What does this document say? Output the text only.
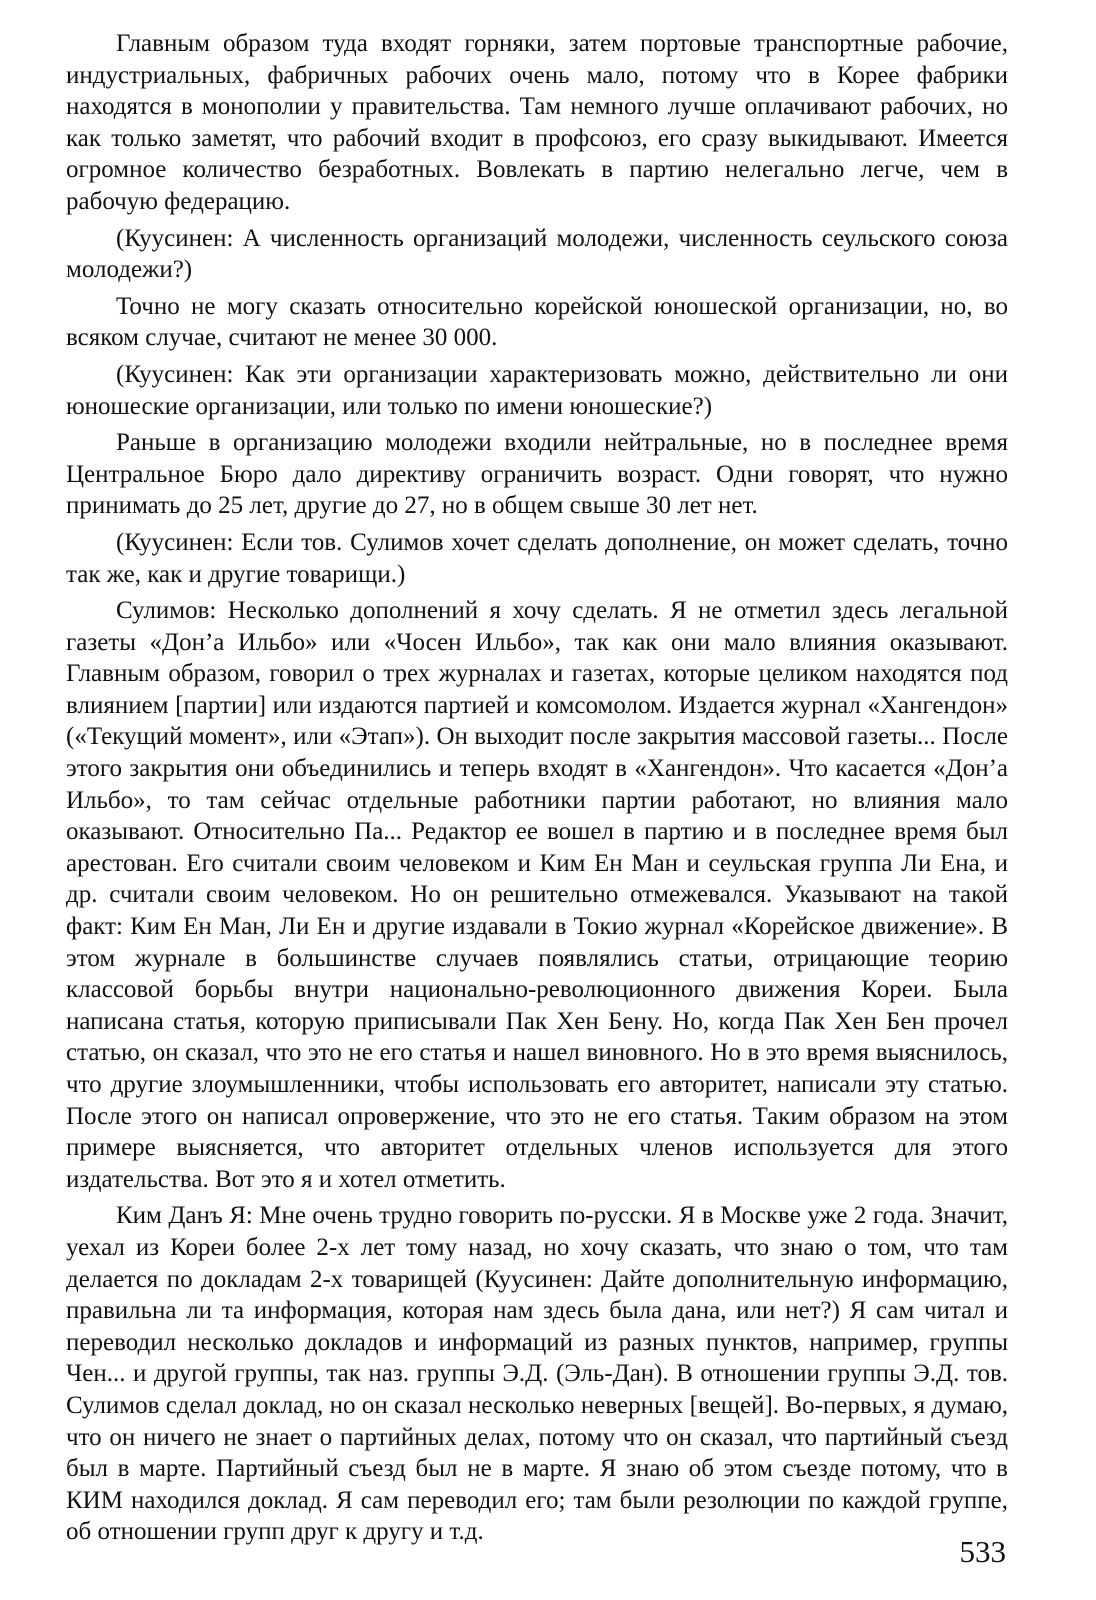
Главным образом туда входят горняки, затем портовые транспортные рабочие, индустриальных, фабричных рабочих очень мало, потому что в Корее фабрики находятся в монополии у правительства. Там немного лучше оплачивают рабочих, но как только заметят, что рабочий входит в профсоюз, его сразу выкидывают. Имеется огромное количество безработных. Вовлекать в партию нелегально легче, чем в рабочую федерацию.

(Куусинен: А численность организаций молодежи, численность сеульского союза молодежи?)

Точно не могу сказать относительно корейской юношеской организации, но, во всяком случае, считают не менее 30 000.

(Куусинен: Как эти организации характеризовать можно, действительно ли они юношеские организации, или только по имени юношеские?)

Раньше в организацию молодежи входили нейтральные, но в последнее время Центральное Бюро дало директиву ограничить возраст. Одни говорят, что нужно принимать до 25 лет, другие до 27, но в общем свыше 30 лет нет.

(Куусинен: Если тов. Сулимов хочет сделать дополнение, он может сделать, точно так же, как и другие товарищи.)

Сулимов: Несколько дополнений я хочу сделать. Я не отметил здесь легальной газеты «Дон’а Ильбо» или «Чосен Ильбо», так как они мало влияния оказывают. Главным образом, говорил о трех журналах и газетах, которые целиком находятся под влиянием [партии] или издаются партией и комсомолом. Издается журнал «Хангендон» («Текущий момент», или «Этап»). Он выходит после закрытия массовой газеты... После этого закрытия они объединились и теперь входят в «Хангендон». Что касается «Дон’а Ильбо», то там сейчас отдельные работники партии работают, но влияния мало оказывают. Относительно Па... Редактор ее вошел в партию и в последнее время был арестован. Его считали своим человеком и Ким Ен Ман и сеульская группа Ли Ена, и др. считали своим человеком. Но он решительно отмежевался. Указывают на такой факт: Ким Ен Ман, Ли Ен и другие издавали в Токио журнал «Корейское движение». В этом журнале в большинстве случаев появлялись статьи, отрицающие теорию классовой борьбы внутри национально-революционного движения Кореи. Была написана статья, которую приписывали Пак Хен Бену. Но, когда Пак Хен Бен прочел статью, он сказал, что это не его статья и нашел виновного. Но в это время выяснилось, что другие злоумышленники, чтобы использовать его авторитет, написали эту статью. После этого он написал опровержение, что это не его статья. Таким образом на этом примере выясняется, что авторитет отдельных членов используется для этого издательства. Вот это я и хотел отметить.

Ким Данъ Я: Мне очень трудно говорить по-русски. Я в Москве уже 2 года. Значит, уехал из Кореи более 2-х лет тому назад, но хочу сказать, что знаю о том, что там делается по докладам 2-х товарищей (Куусинен: Дайте дополнительную информацию, правильна ли та информация, которая нам здесь была дана, или нет?) Я сам читал и переводил несколько докладов и информаций из разных пунктов, например, группы Чен... и другой группы, так наз. группы Э.Д. (Эль-Дан). В отношении группы Э.Д. тов. Сулимов сделал доклад, но он сказал несколько неверных [вещей]. Во-первых, я думаю, что он ничего не знает о партийных делах, потому что он сказал, что партийный съезд был в марте. Партийный съезд был не в марте. Я знаю об этом съезде потому, что в КИМ находился доклад. Я сам переводил его; там были резолюции по каждой группе, об отношении групп друг к другу и т.д.

533
